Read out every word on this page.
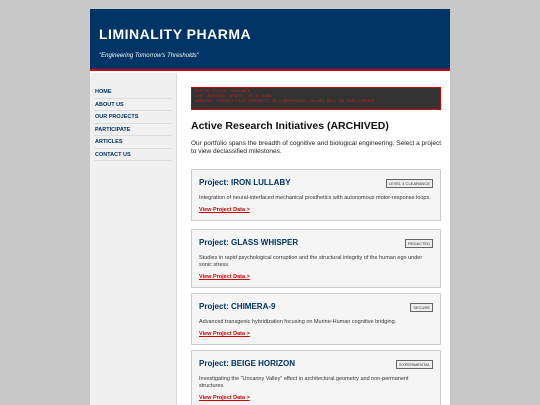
LIMINALITY PHARMA
"Engineering Tomorrow's Thresholds"
HOME
ABOUT US
OUR PROJECTS
PARTICIPATE
ARTICLES
CONTACT US
SYSTEM STATUS: UNSTABLE
LAST ARCHIVAL UPDATE: 13.11.1999
WARNING: SUBJECT FILE INTEGRITY IS COMPROMISED. DO NOT RELY ON THIS CONTENT.
Active Research Initiatives (ARCHIVED)

Our portfolio spans the breadth of cognitive and biological engineering. Select a project to view declassified milestones.

Project: IRON LULLABY	LEVEL 4 CLEARANCE
Integration of neural-interfaced mechanical prosthetics with autonomous motor-response loops.
View Project Data >
Project: GLASS WHISPER	REDACTED
Studies in rapid psychological corruption and the structural integrity of the human ego under sonic stress.
View Project Data >
Project: CHIMERA-9	SECURE
Advanced transgenic hybridization focusing on Murine-Human cognitive bridging.
View Project Data >
Project: BEIGE HORIZON	EXPERIMENTAL
Investigating the "Uncanny Valley" effect in architectural geometry and non-permanent structures.
View Project Data >
